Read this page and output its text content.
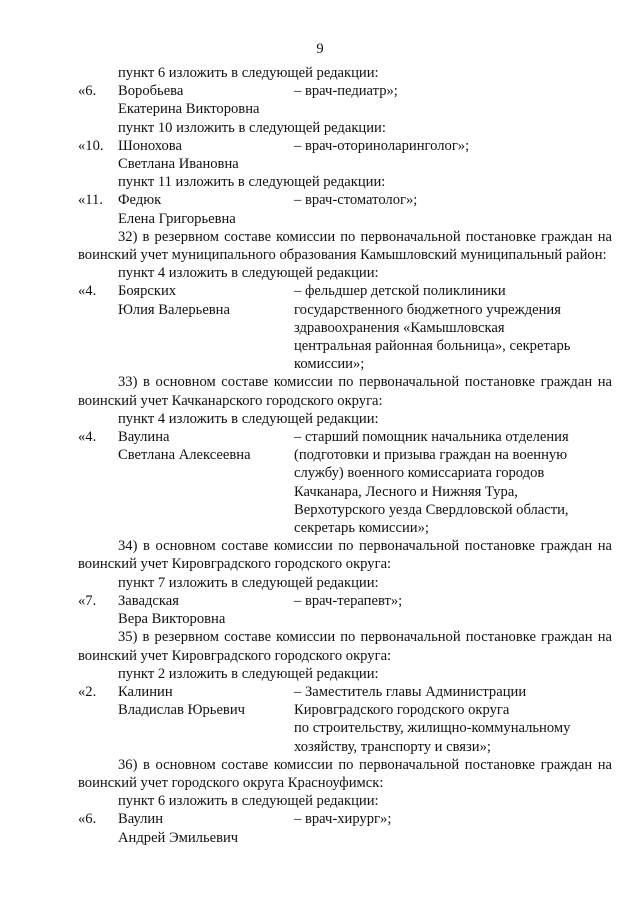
9
пункт 6 изложить в следующей редакции:
«6. Воробьева	– врач-педиатр»;
Екатерина Викторовна
пункт 10 изложить в следующей редакции:
«10. Шонохова	– врач-оториноларинголог»;
Светлана Ивановна
пункт 11 изложить в следующей редакции:
«11. Федюк	– врач-стоматолог»;
Елена Григорьевна
32) в резервном составе комиссии по первоначальной постановке граждан на воинский учет муниципального образования Камышловский муниципальный район:
пункт 4 изложить в следующей редакции:
«4. Боярских	– фельдшер детской поликлиники
Юлия Валерьевна	государственного бюджетного учреждения
здравоохранения «Камышловская
центральная районная больница», секретарь
комиссии»;
33) в основном составе комиссии по первоначальной постановке граждан на воинский учет Качканарского городского округа:
пункт 4 изложить в следующей редакции:
«4. Ваулина	– старший помощник начальника отделения
Светлана Алексеевна	(подготовки и призыва граждан на военную
службу) военного комиссариата городов
Качканара, Лесного и Нижняя Тура,
Верхотурского уезда Свердловской области,
секретарь комиссии»;
34) в основном составе комиссии по первоначальной постановке граждан на воинский учет Кировградского городского округа:
пункт 7 изложить в следующей редакции:
«7. Завадская	– врач-терапевт»;
Вера Викторовна
35) в резервном составе комиссии по первоначальной постановке граждан на воинский учет Кировградского городского округа:
пункт 2 изложить в следующей редакции:
«2. Калинин	– Заместитель главы Администрации
Владислав Юрьевич	Кировградского городского округа
по строительству, жилищно-коммунальному
хозяйству, транспорту и связи»;
36) в основном составе комиссии по первоначальной постановке граждан на воинский учет городского округа Красноуфимск:
пункт 6 изложить в следующей редакции:
«6. Ваулин	– врач-хирург»;
Андрей Эмильевич
